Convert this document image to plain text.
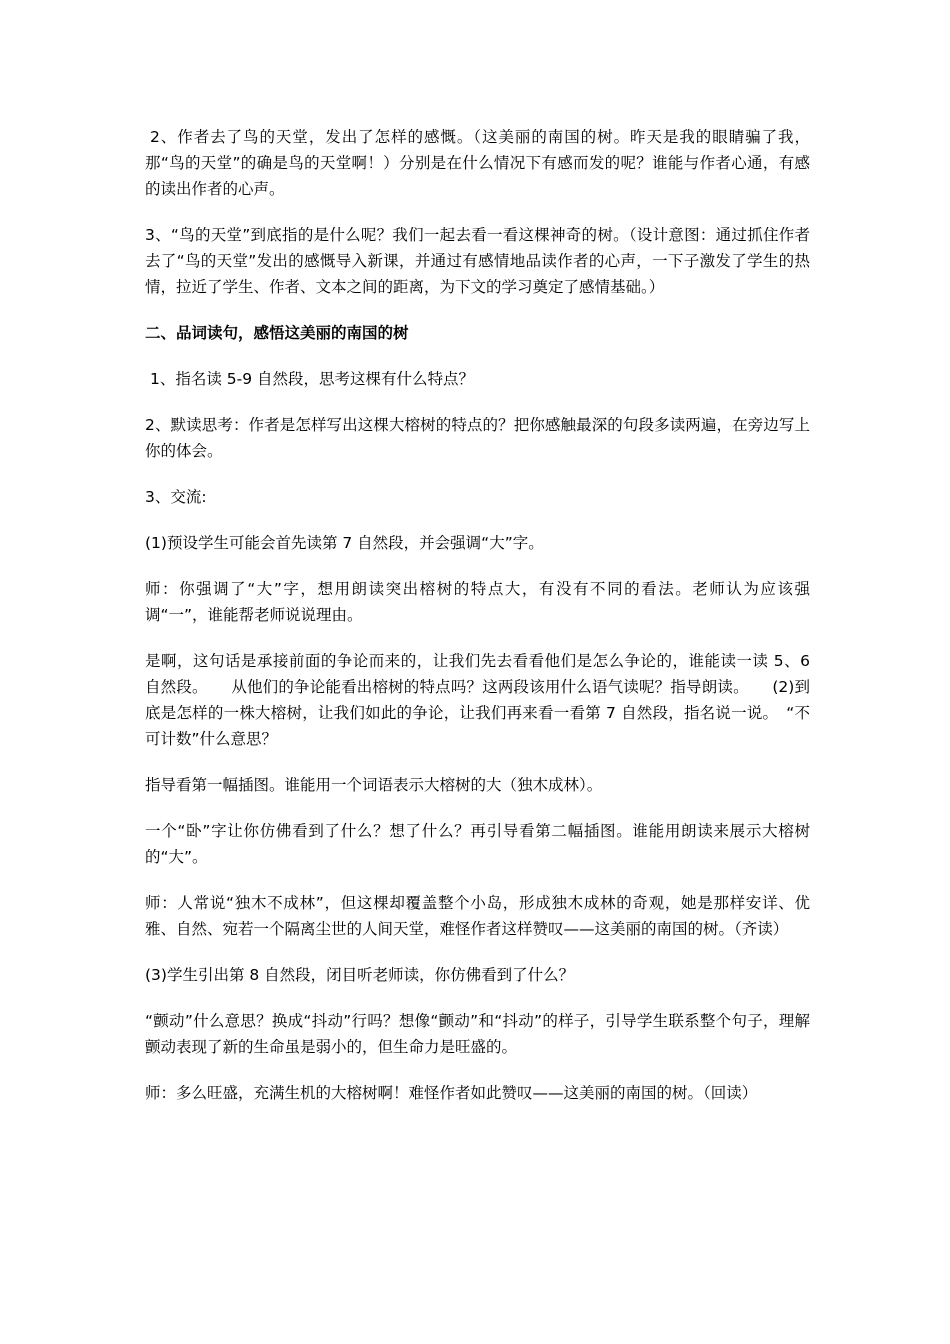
2、作者去了鸟的天堂，发出了怎样的感慨。（这美丽的南国的树。昨天是我的眼睛骗了我，那“鸟的天堂”的确是鸟的天堂啊！）分别是在什么情况下有感而发的呢？谁能与作者心通，有感的读出作者的心声。

3、“鸟的天堂”到底指的是什么呢？我们一起去看一看这棵神奇的树。（设计意图：通过抓住作者去了“鸟的天堂”发出的感慨导入新课，并通过有感情地品读作者的心声，一下子激发了学生的热情，拉近了学生、作者、文本之间的距离，为下文的学习奠定了感情基础。）

二、品词读句，感悟这美丽的南国的树

1、指名读 5-9 自然段，思考这棵有什么特点？

2、默读思考：作者是怎样写出这棵大榕树的特点的？把你感触最深的句段多读两遍，在旁边写上你的体会。

3、交流:

(1)预设学生可能会首先读第 7 自然段，并会强调“大”字。

师：你强调了“大”字，想用朗读突出榕树的特点大，有没有不同的看法。老师认为应该强调“一”，谁能帮老师说说理由。

是啊，这句话是承接前面的争论而来的，让我们先去看看他们是怎么争论的，谁能读一读 5、6 自然段。　　从他们的争论能看出榕树的特点吗？这两段该用什么语气读呢？指导朗读。　　(2)到底是怎样的一株大榕树，让我们如此的争论，让我们再来看一看第 7 自然段，指名说一说。　“不可计数”什么意思？

指导看第一幅插图。谁能用一个词语表示大榕树的大（独木成林）。

一个“卧”字让你仿佛看到了什么？想了什么？再引导看第二幅插图。谁能用朗读来展示大榕树的“大”。

师：人常说“独木不成林”，但这棵却覆盖整个小岛，形成独木成林的奇观，她是那样安详、优雅、自然、宛若一个隔离尘世的人间天堂，难怪作者这样赞叹——这美丽的南国的树。（齐读）

(3)学生引出第 8 自然段，闭目听老师读，你仿佛看到了什么？

“颤动”什么意思？换成“抖动”行吗？想像“颤动”和“抖动”的样子，引导学生联系整个句子，理解颤动表现了新的生命虽是弱小的，但生命力是旺盛的。

师：多么旺盛，充满生机的大榕树啊！难怪作者如此赞叹——这美丽的南国的树。（回读）
